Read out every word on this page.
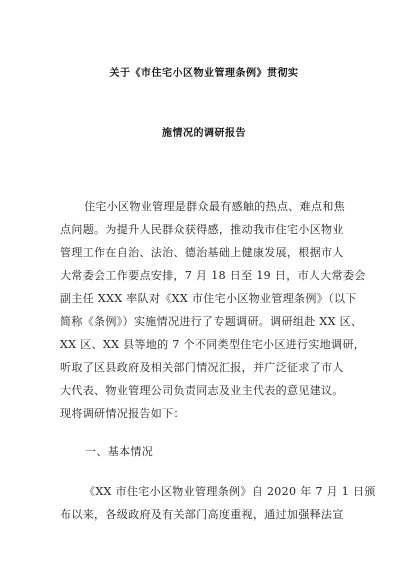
关于《市住宅小区物业管理条例》贯彻实
施情况的调研报告
住宅小区物业管理是群众最有感触的热点、难点和焦
点问题。为提升人民群众获得感，推动我市住宅小区物业
管理工作在自治、法治、德治基础上健康发展，根据市人
大常委会工作要点安排，7 月 18 日至 19 日，市人大常委会
副主任 XXX 率队对《XX 市住宅小区物业管理条例》（以下
简称《条例》）实施情况进行了专题调研。调研组赴 XX 区、
XX 区、XX 县等地的 7 个不同类型住宅小区进行实地调研，
听取了区县政府及相关部门情况汇报，并广泛征求了市人
大代表、物业管理公司负责同志及业主代表的意见建议。
现将调研情况报告如下：
一、基本情况
《XX 市住宅小区物业管理条例》自 2020 年 7 月 1 日颁
布以来，各级政府及有关部门高度重视，通过加强释法宣
